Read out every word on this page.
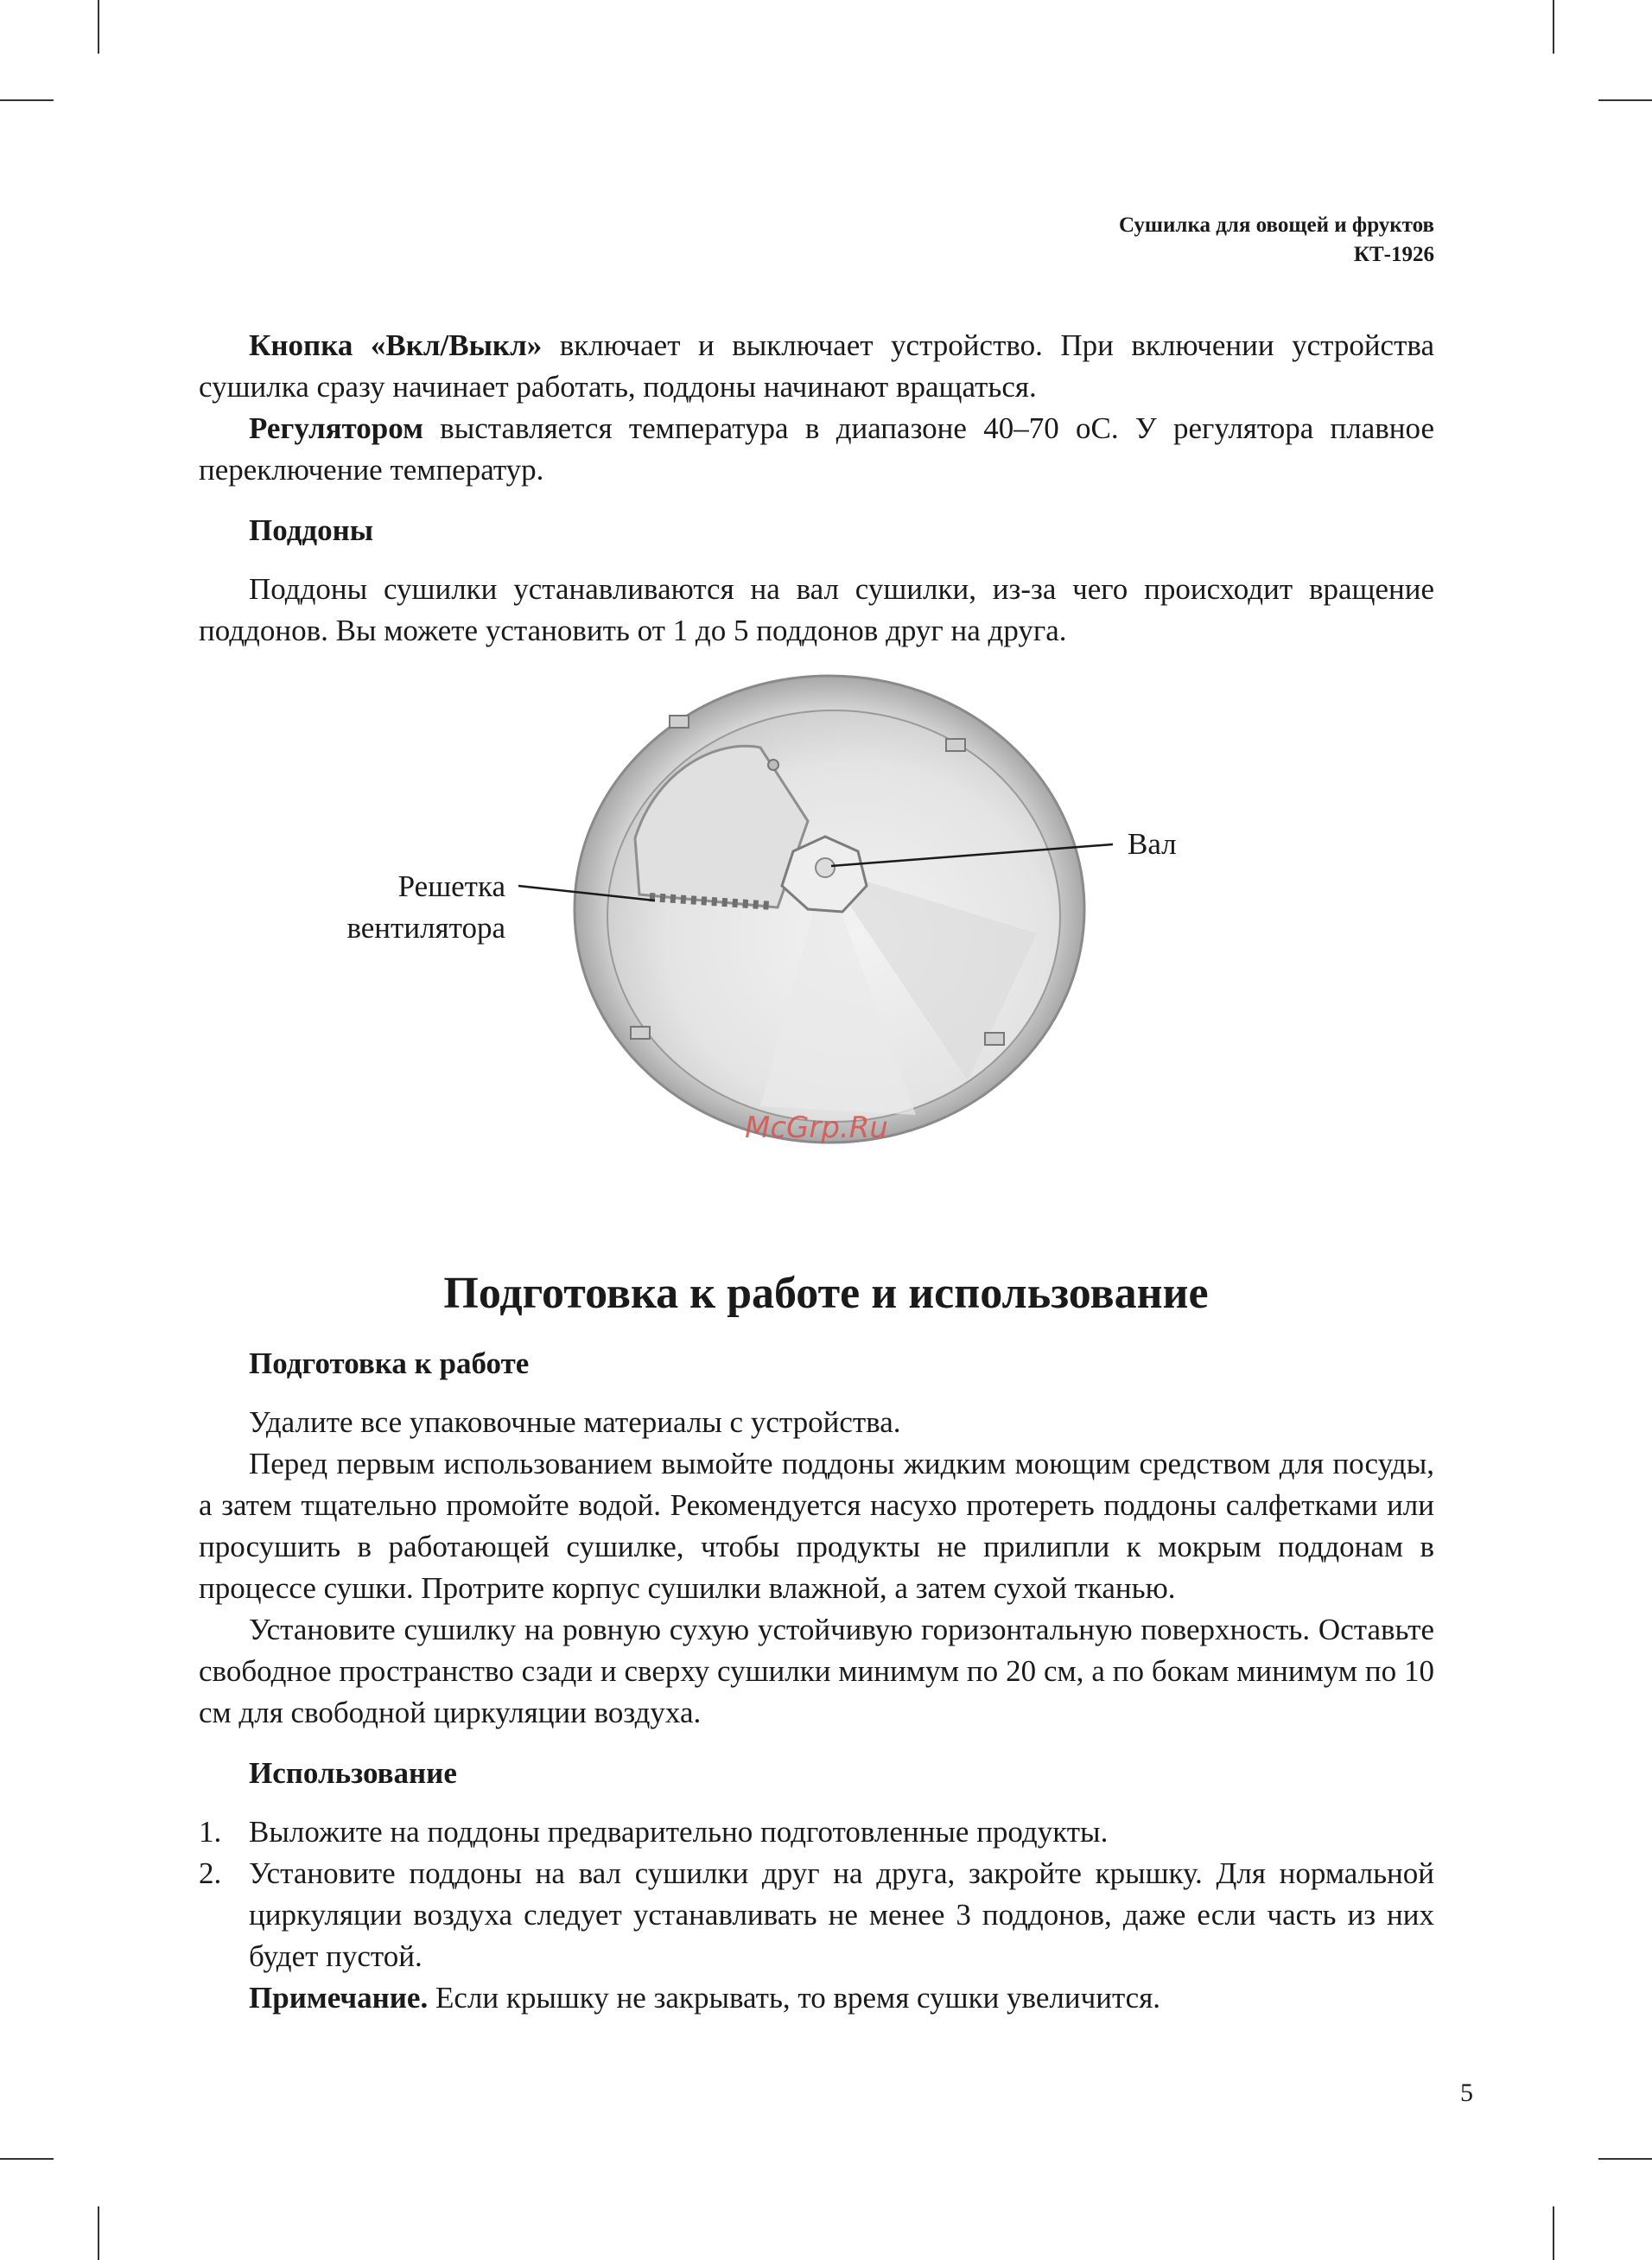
Сушилка для овощей и фруктов
КТ-1926

Кнопка «Вкл/Выкл» включает и выключает устройство. При включении устройства сушилка сразу начинает работать, поддоны начинают вращаться.

Регулятором выставляется температура в диапазоне 40–70 оС. У регулятора плавное переключение температур.

Поддоны

Поддоны сушилки устанавливаются на вал сушилки, из-за чего происходит вращение поддонов. Вы можете установить от 1 до 5 поддонов друг на друга.

Вал
Решетка
вентилятора
McGrp.Ru
Подготовка к работе и использование

Подготовка к работе

Удалите все упаковочные материалы с устройства.

Перед первым использованием вымойте поддоны жидким моющим средством для посуды, а затем тщательно промойте водой. Рекомендуется насухо протереть поддоны салфетками или просушить в работающей сушилке, чтобы продукты не прилипли к мокрым поддонам в процессе сушки. Протрите корпус сушилки влажной, а затем сухой тканью.

Установите сушилку на ровную сухую устойчивую горизонтальную поверхность. Оставьте свободное пространство сзади и сверху сушилки минимум по 20 см, а по бокам минимум по 10 см для свободной циркуляции воздуха.

Использование

1. Выложите на поддоны предварительно подготовленные продукты.
2. Установите поддоны на вал сушилки друг на друга, закройте крышку. Для нормальной циркуляции воздуха следует устанавливать не менее 3 поддонов, даже если часть из них будет пустой.

Примечание. Если крышку не закрывать, то время сушки увеличится.

5
